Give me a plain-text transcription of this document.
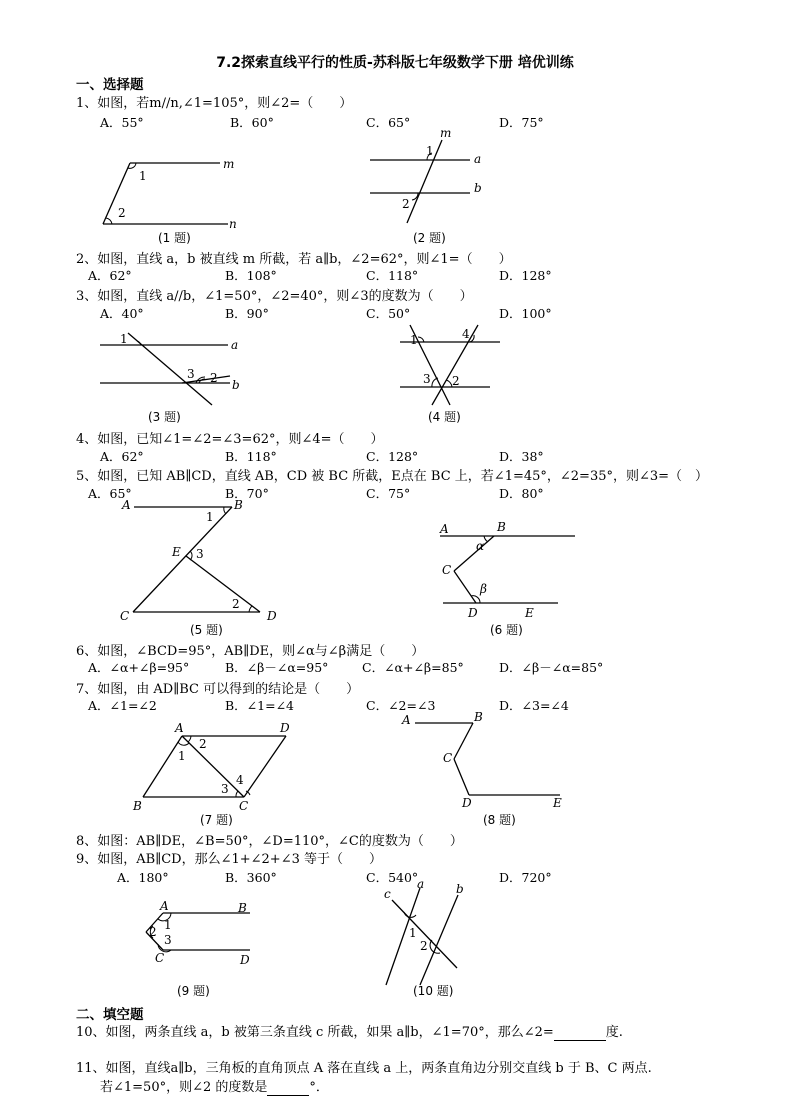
7.2探索直线平行的性质-苏科版七年级数学下册 培优训练
一、选择题
1、如图，若m//n,∠1=105°，则∠2=（　　）
A．55°	B．60°	C．65°	D．75°
m
n
1
2
(1 题)
m
a
b
1
2
(2 题)
2、如图，直线 a，b 被直线 m 所截，若 a∥b，∠2=62°，则∠1=（　　）
A．62°	B．108°	C．118°	D．128°
3、如图，直线 a//b，∠1=50°，∠2=40°，则∠3的度数为（　　）
A．40°	B．90°	C．50°	D．100°
a
b
1
2
3
(3 题)
1	4
3 2
(4 题)
4、如图，已知∠1=∠2=∠3=62°，则∠4=（　　）
A．62°	B．118°	C．128°	D．38°
5、如图，已知 AB∥CD，直线 AB，CD 被 BC 所截，E点在 BC 上，若∠1=45°，∠2=35°，则∠3=（　）
A．65°	B．70°	C．75°	D．80°
A	B
E
C	D
1
3
2
(5 题)
A	B
α
C
β
D	E
(6 题)
6、如图，∠BCD=95°，AB∥DE，则∠α与∠β满足（　　）
A．∠α+∠β=95°	B．∠β－∠α=95°	C．∠α+∠β=85°	D．∠β－∠α=85°
7、如图，由 AD∥BC 可以得到的结论是（　　）
A．∠1=∠2	B．∠1=∠4	C．∠2=∠3	D．∠3=∠4
A	D
B	C
2
1
3
4
(7 题)
A	B
C
D	E
(8 题)
8、如图：AB∥DE，∠B=50°，∠D=110°，∠C的度数为（　　）
9、如图，AB∥CD，那么∠1+∠2+∠3 等于（　　）
A．180°	B．360°	C．540°	D．720°
A	B
1
2
3
C	D
(9 题)
a	b
c
1
2
(10 题)
二、填空题
10、如图，两条直线 a，b 被第三条直线 c 所截，如果 a∥b，∠1=70°，那么∠2=	度.
11、如图，直线a∥b，三角板的直角顶点 A 落在直线 a 上，两条直角边分别交直线 b 于 B、C 两点.
若∠1=50°，则∠2 的度数是	°．
